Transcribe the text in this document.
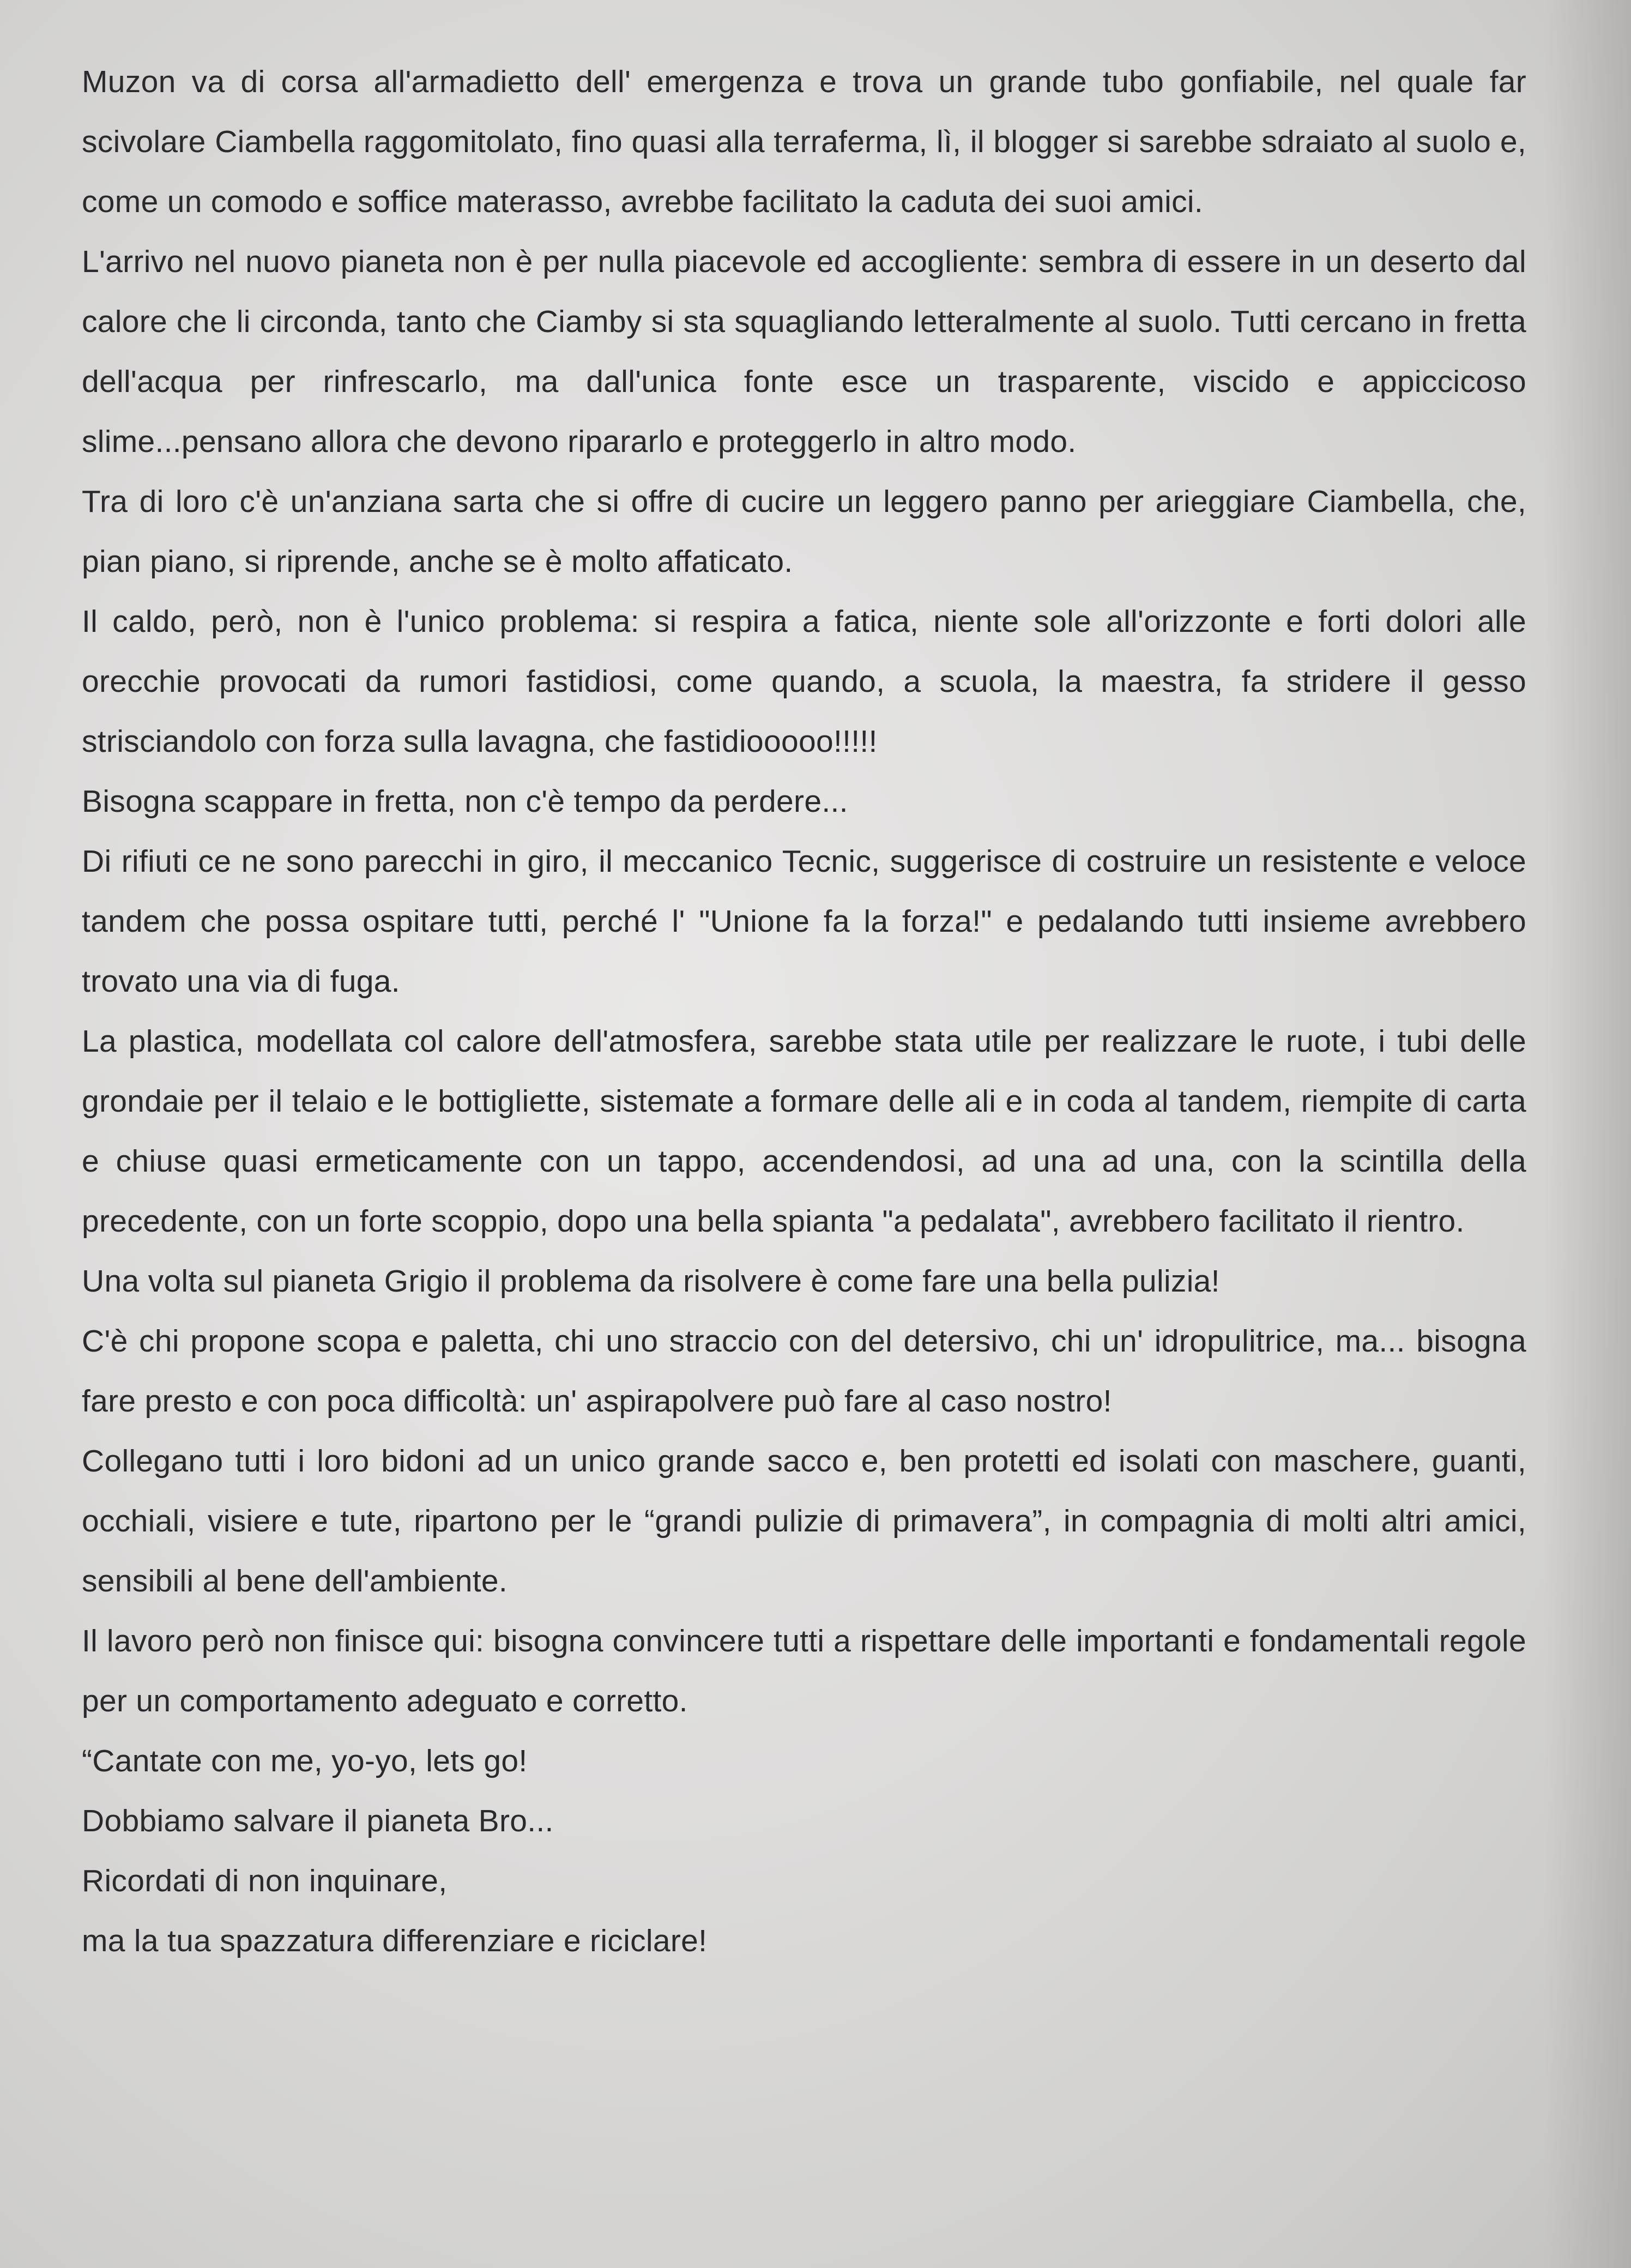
Muzon va di corsa all'armadietto dell' emergenza e trova un grande tubo gonfiabile, nel quale far scivolare Ciambella raggomitolato, fino quasi alla terraferma, lì, il blogger si sarebbe sdraiato al suolo e, come un comodo e soffice materasso, avrebbe facilitato la caduta dei suoi amici.

L'arrivo nel nuovo pianeta non è per nulla piacevole ed accogliente: sembra di essere in un deserto dal calore che li circonda, tanto che Ciamby si sta squagliando letteralmente al suolo. Tutti cercano in fretta dell'acqua per rinfrescarlo, ma dall'unica fonte esce un trasparente, viscido e appiccicoso slime...pensano allora che devono ripararlo e proteggerlo in altro modo.

Tra di loro c'è un'anziana sarta che si offre di cucire un leggero panno per arieggiare Ciambella, che, pian piano, si riprende, anche se è molto affaticato.

Il caldo, però, non è l'unico problema: si respira a fatica, niente sole all'orizzonte e forti dolori alle orecchie provocati da rumori fastidiosi, come quando, a scuola, la maestra, fa stridere il gesso strisciandolo con forza sulla lavagna, che fastidiooooo!!!!!

Bisogna scappare in fretta, non c'è tempo da perdere...

Di rifiuti ce ne sono parecchi in giro, il meccanico Tecnic, suggerisce di costruire un resistente e veloce tandem che possa ospitare tutti, perché l' "Unione fa la forza!" e pedalando tutti insieme avrebbero trovato una via di fuga.

La plastica, modellata col calore dell'atmosfera, sarebbe stata utile per realizzare le ruote, i tubi delle grondaie per il telaio e le bottigliette, sistemate a formare delle ali e in coda al tandem, riempite di carta e chiuse quasi ermeticamente con un tappo, accendendosi, ad una ad una, con la scintilla della precedente, con un forte scoppio, dopo una bella spianta "a pedalata", avrebbero facilitato il rientro.

Una volta sul pianeta Grigio il problema da risolvere è come fare una bella pulizia!

C'è chi propone scopa e paletta, chi uno straccio con del detersivo, chi un' idropulitrice, ma... bisogna fare presto e con poca difficoltà: un' aspirapolvere può fare al caso nostro!

Collegano tutti i loro bidoni ad un unico grande sacco e, ben protetti ed isolati con maschere, guanti, occhiali, visiere e tute, ripartono per le “grandi pulizie di primavera”, in compagnia di molti altri amici, sensibili al bene dell'ambiente.

Il lavoro però non finisce qui: bisogna convincere tutti a rispettare delle importanti e fondamentali regole per un comportamento adeguato e corretto.

“Cantate con me, yo-yo, lets go!
Dobbiamo salvare il pianeta Bro...
Ricordati di non inquinare,
ma la tua spazzatura differenziare e riciclare!
